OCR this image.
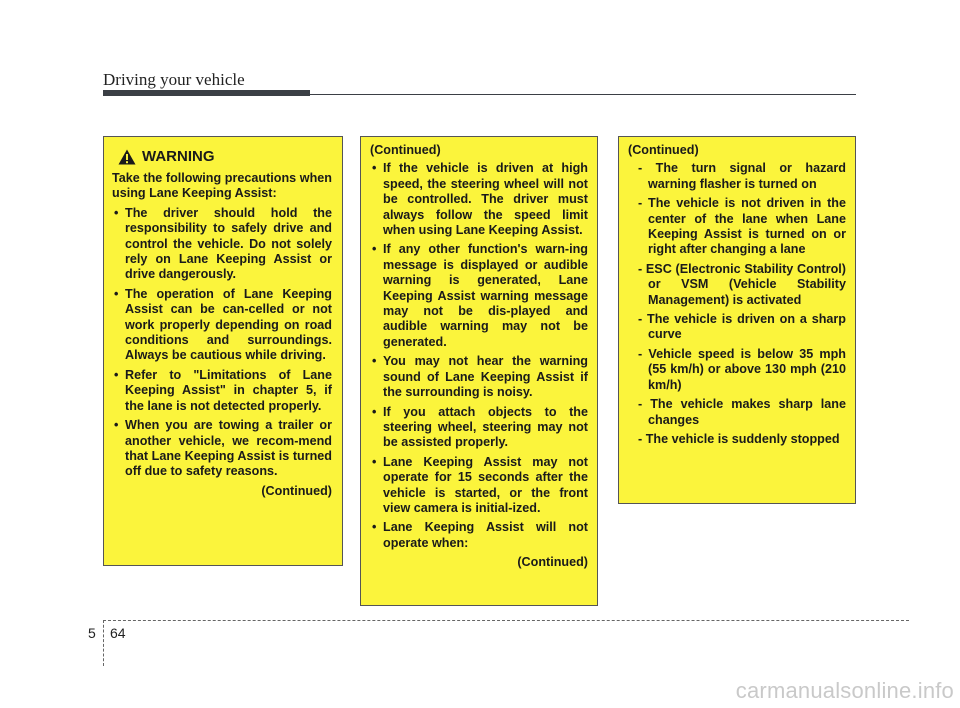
Driving your vehicle
WARNING
Take the following precautions when using Lane Keeping Assist:
• The driver should hold the responsibility to safely drive and control the vehicle. Do not solely rely on Lane Keeping Assist or drive dangerously.
• The operation of Lane Keeping Assist can be can-celled or not work properly depending on road conditions and surroundings. Always be cautious while driving.
• Refer to "Limitations of Lane Keeping Assist" in chapter 5, if the lane is not detected properly.
• When you are towing a trailer or another vehicle, we recom-mend that Lane Keeping Assist is turned off due to safety reasons.
(Continued)
(Continued)
• If the vehicle is driven at high speed, the steering wheel will not be controlled. The driver must always follow the speed limit when using Lane Keeping Assist.
• If any other function's warn-ing message is displayed or audible warning is generated, Lane Keeping Assist warning message may not be dis-played and audible warning may not be generated.
• You may not hear the warning sound of Lane Keeping Assist if the surrounding is noisy.
• If you attach objects to the steering wheel, steering may not be assisted properly.
• Lane Keeping Assist may not operate for 15 seconds after the vehicle is started, or the front view camera is initial-ized.
• Lane Keeping Assist will not operate when:
(Continued)
(Continued)
- The turn signal or hazard warning flasher is turned on
- The vehicle is not driven in the center of the lane when Lane Keeping Assist is turned on or right after changing a lane
- ESC (Electronic Stability Control) or VSM (Vehicle Stability Management) is activated
- The vehicle is driven on a sharp curve
- Vehicle speed is below 35 mph (55 km/h) or above 130 mph (210 km/h)
- The vehicle makes sharp lane changes
- The vehicle is suddenly stopped
5 64
carmanualsonline.info
